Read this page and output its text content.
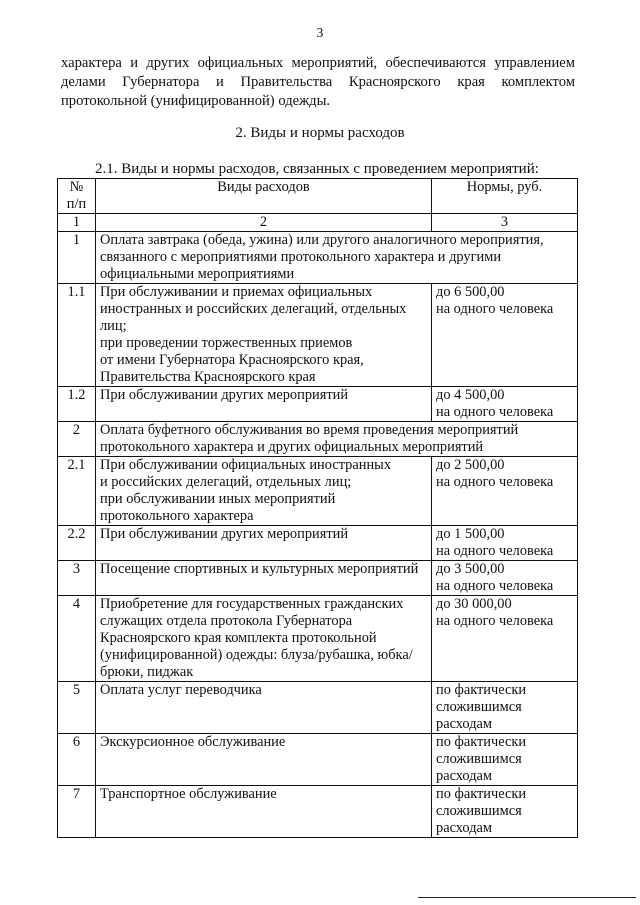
3
характера и других официальных мероприятий, обеспечиваются управлением делами Губернатора и Правительства Красноярского края комплектом протокольной (унифицированной) одежды.
2. Виды и нормы расходов
2.1. Виды и нормы расходов, связанных с проведением мероприятий:
№
п/п	Виды расходов	Нормы, руб.
1	2	3
1	Оплата завтрака (обеда, ужина) или другого аналогичного мероприятия, связанного с мероприятиями протокольного характера и другими официальными мероприятиями	
1.1	При обслуживании и приемах официальных иностранных и российских делегаций, отдельных лиц;
при проведении торжественных приемов
от имени Губернатора Красноярского края, Правительства Красноярского края	до 6 500,00
на одного человека
1.2	При обслуживании других мероприятий	до 4 500,00
на одного человека
2	Оплата буфетного обслуживания во время проведения мероприятий протокольного характера и других официальных мероприятий	
2.1	При обслуживании официальных иностранных
и российских делегаций, отдельных лиц;
при обслуживании иных мероприятий
протокольного характера	до 2 500,00
на одного человека
2.2	При обслуживании других мероприятий	до 1 500,00
на одного человека
3	Посещение спортивных и культурных мероприятий	до 3 500,00
на одного человека
4	Приобретение для государственных гражданских служащих отдела протокола Губернатора Красноярского края комплекта протокольной (унифицированной) одежды: блуза/рубашка, юбка/брюки, пиджак	до 30 000,00
на одного человека
5	Оплата услуг переводчика	по фактически
сложившимся
расходам
6	Экскурсионное обслуживание	по фактически
сложившимся
расходам
7	Транспортное обслуживание	по фактически
сложившимся
расходам
